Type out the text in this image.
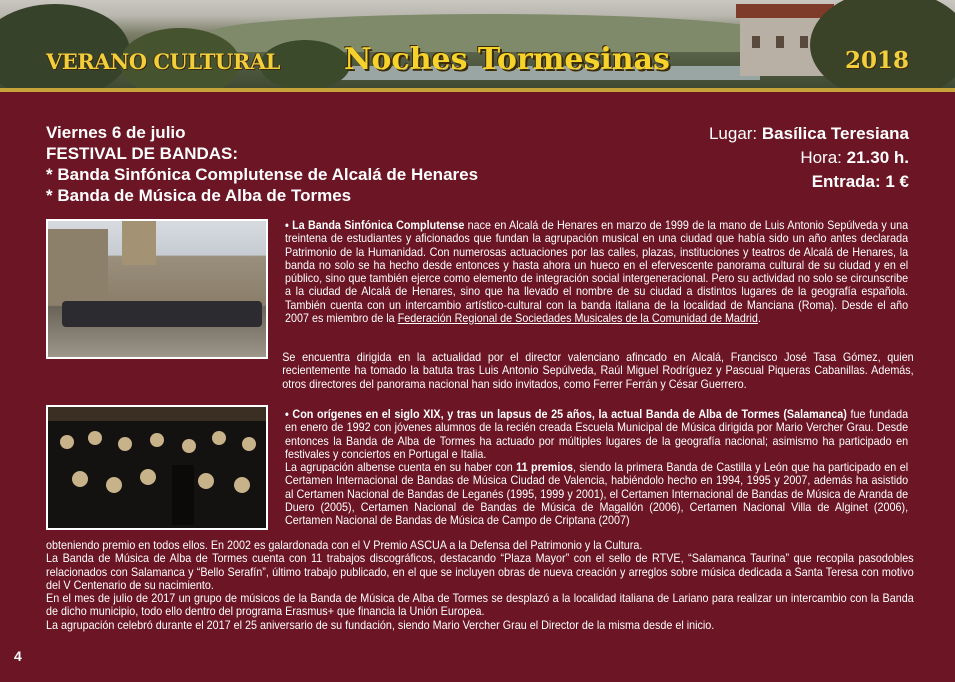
VERANO CULTURAL Noches Tormesinas	2018
Viernes 6 de julio
FESTIVAL DE BANDAS:
* Banda Sinfónica Complutense de Alcalá de Henares
* Banda de Música de Alba de Tormes
Lugar: Basílica Teresiana
Hora: 21.30 h.
Entrada: 1 €
• La Banda Sinfónica Complutense nace en Alcalá de Henares en marzo de 1999 de la mano de Luis Antonio Sepúlveda y una treintena de estudiantes y aficionados que fundan la agrupación musical en una ciudad que había sido un año antes declarada Patrimonio de la Humanidad. Con numerosas actuaciones por las calles, plazas, instituciones y teatros de Alcalá de Henares, la banda no solo se ha hecho desde entonces y hasta ahora un hueco en el efervescente panorama cultural de su ciudad y en el público, sino que también ejerce como elemento de integración social intergeneracional. Pero su actividad no solo se circunscribe a la ciudad de Alcalá de Henares, sino que ha llevado el nombre de su ciudad a distintos lugares de la geografía española. También cuenta con un intercambio artístico-cultural con la banda italiana de la localidad de Manciana (Roma). Desde el año 2007 es miembro de la Federación Regional de Sociedades Musicales de la Comunidad de Madrid.
Se encuentra dirigida en la actualidad por el director valenciano afincado en Alcalá, Francisco José Tasa Gómez, quien recientemente ha tomado la batuta tras Luis Antonio Sepúlveda, Raúl Miguel Rodríguez y Pascual Piqueras Cabanillas. Además, otros directores del panorama nacional han sido invitados, como Ferrer Ferrán y César Guerrero.
• Con orígenes en el siglo XIX, y tras un lapsus de 25 años, la actual Banda de Alba de Tormes (Salamanca) fue fundada en enero de 1992 con jóvenes alumnos de la recién creada Escuela Municipal de Música dirigida por Mario Vercher Grau. Desde entonces la Banda de Alba de Tormes ha actuado por múltiples lugares de la geografía nacional; asimismo ha participado en festivales y conciertos en Portugal e Italia.
La agrupación albense cuenta en su haber con 11 premios, siendo la primera Banda de Castilla y León que ha participado en el Certamen Internacional de Bandas de Música Ciudad de Valencia, habiéndolo hecho en 1994, 1995 y 2007, además ha asistido al Certamen Nacional de Bandas de Leganés (1995, 1999 y 2001), el Certamen Internacional de Bandas de Música de Aranda de Duero (2005), Certamen Nacional de Bandas de Música de Magallón (2006), Certamen Nacional Villa de Alginet (2006), Certamen Nacional de Bandas de Música de Campo de Criptana (2007)
obteniendo premio en todos ellos. En 2002 es galardonada con el V Premio ASCUA a la Defensa del Patrimonio y la Cultura.
La Banda de Música de Alba de Tormes cuenta con 11 trabajos discográficos, destacando “Plaza Mayor” con el sello de RTVE, “Salamanca Taurina” que recopila pasodobles relacionados con Salamanca y “Bello Serafín”, último trabajo publicado, en el que se incluyen obras de nueva creación y arreglos sobre música dedicada a Santa Teresa con motivo del V Centenario de su nacimiento.
En el mes de julio de 2017 un grupo de músicos de la Banda de Música de Alba de Tormes se desplazó a la localidad italiana de Lariano para realizar un intercambio con la Banda de dicho municipio, todo ello dentro del programa Erasmus+ que financia la Unión Europea.
La agrupación celebró durante el 2017 el 25 aniversario de su fundación, siendo Mario Vercher Grau el Director de la misma desde el inicio.
4
